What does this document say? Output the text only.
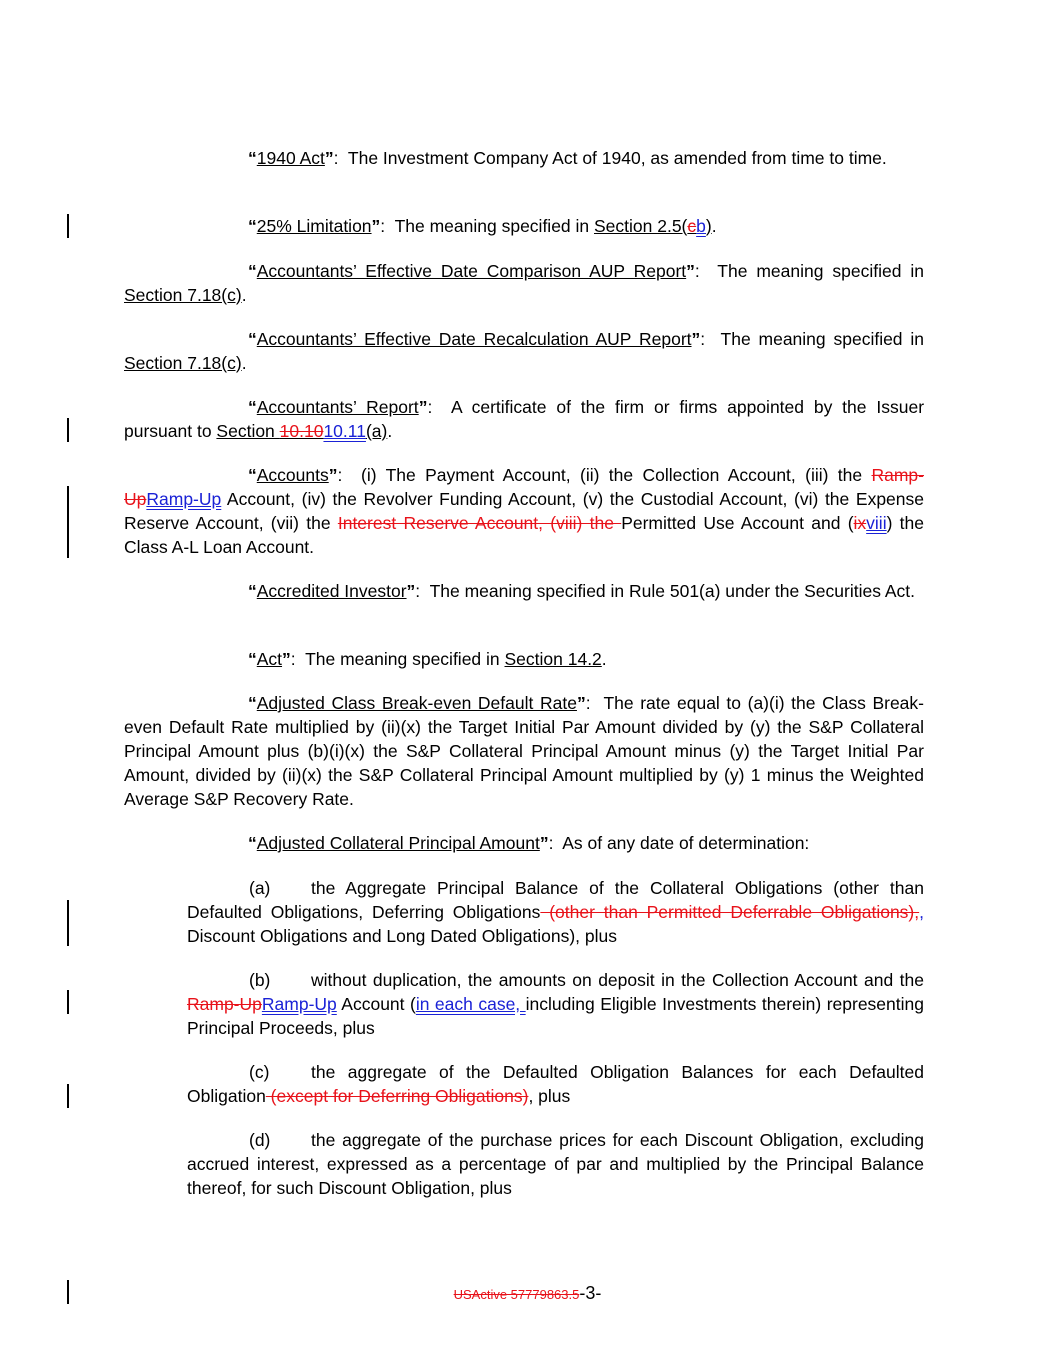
“1940 Act”:  The Investment Company Act of 1940, as amended from time to time.

“25% Limitation”:  The meaning specified in Section 2.5(cb).

“Accountants’ Effective Date Comparison AUP Report”:  The meaning specified in Section 7.18(c).

“Accountants’ Effective Date Recalculation AUP Report”:  The meaning specified in Section 7.18(c).

“Accountants’ Report”:  A certificate of the firm or firms appointed by the Issuer pursuant to Section 10.1010.11(a).

“Accounts”:  (i) The Payment Account, (ii) the Collection Account, (iii) the Ramp-UpRamp-Up Account, (iv) the Revolver Funding Account, (v) the Custodial Account, (vi) the Expense Reserve Account, (vii) the Interest Reserve Account, (viii) the Permitted Use Account and (ixviii) the Class A-L Loan Account.

“Accredited Investor”:  The meaning specified in Rule 501(a) under the Securities Act.

“Act”:  The meaning specified in Section 14.2.

“Adjusted Class Break-even Default Rate”:  The rate equal to (a)(i) the Class Break-even Default Rate multiplied by (ii)(x) the Target Initial Par Amount divided by (y) the S&P Collateral Principal Amount plus (b)(i)(x) the S&P Collateral Principal Amount minus (y) the Target Initial Par Amount, divided by (ii)(x) the S&P Collateral Principal Amount multiplied by (y) 1 minus the Weighted Average S&P Recovery Rate.

“Adjusted Collateral Principal Amount”:  As of any date of determination:

(a) the Aggregate Principal Balance of the Collateral Obligations (other than Defaulted Obligations, Deferring Obligations (other than Permitted Deferrable Obligations),, Discount Obligations and Long Dated Obligations), plus

(b) without duplication, the amounts on deposit in the Collection Account and the Ramp-UpRamp-Up Account (in each case, including Eligible Investments therein) representing Principal Proceeds, plus

(c) the aggregate of the Defaulted Obligation Balances for each Defaulted Obligation (except for Deferring Obligations), plus

(d) the aggregate of the purchase prices for each Discount Obligation, excluding accrued interest, expressed as a percentage of par and multiplied by the Principal Balance thereof, for such Discount Obligation, plus

USActive 57779863.5-3-
